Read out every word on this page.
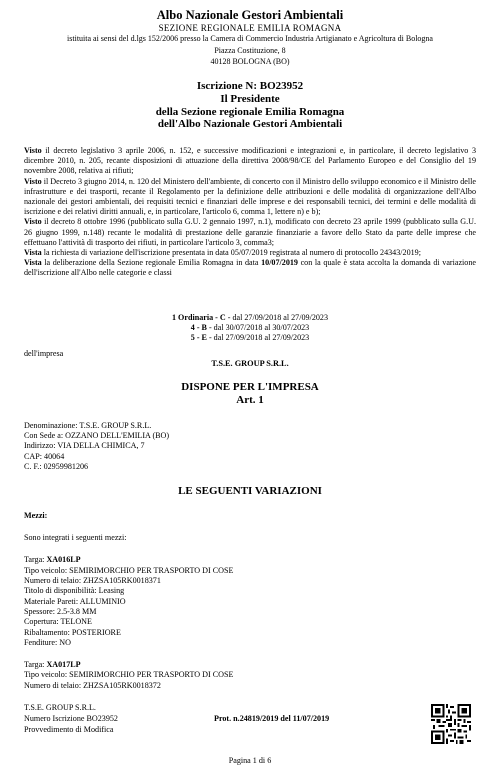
Albo Nazionale Gestori Ambientali
SEZIONE REGIONALE EMILIA ROMAGNA
istituita ai sensi del d.lgs 152/2006 presso la Camera di Commercio Industria Artigianato e Agricoltura di Bologna
Piazza Costituzione, 8
40128 BOLOGNA (BO)
Iscrizione N: BO23952
Il Presidente
della Sezione regionale Emilia Romagna
dell'Albo Nazionale Gestori Ambientali

Visto il decreto legislativo 3 aprile 2006, n. 152, e successive modificazioni e integrazioni e, in particolare, il decreto legislativo 3 dicembre 2010, n. 205, recante disposizioni di attuazione della direttiva 2008/98/CE del Parlamento Europeo e del Consiglio del 19 novembre 2008, relativa ai rifiuti;

Visto il Decreto 3 giugno 2014, n. 120 del Ministero dell'ambiente, di concerto con il Ministro dello sviluppo economico e il Ministro delle infrastrutture e dei trasporti, recante il Regolamento per la definizione delle attribuzioni e delle modalità di organizzazione dell'Albo nazionale dei gestori ambientali, dei requisiti tecnici e finanziari delle imprese e dei responsabili tecnici, dei termini e delle modalità di iscrizione e dei relativi diritti annuali, e, in particolare, l'articolo 6, comma 1, lettere n) e b);

Visto il decreto 8 ottobre 1996 (pubblicato sulla G.U. 2 gennaio 1997, n.1), modificato con decreto 23 aprile 1999 (pubblicato sulla G.U. 26 giugno 1999, n.148) recante le modalità di prestazione delle garanzie finanziarie a favore dello Stato da parte delle imprese che effettuano l'attività di trasporto dei rifiuti, in particolare l'articolo 3, comma3;

Vista la richiesta di variazione dell'iscrizione presentata in data 05/07/2019 registrata al numero di protocollo 24343/2019;

Vista la deliberazione della Sezione regionale Emilia Romagna in data 10/07/2019 con la quale è stata accolta la domanda di variazione dell'iscrizione all'Albo nelle categorie e classi

1 Ordinaria - C - dal 27/09/2018 al 27/09/2023
4 - B - dal 30/07/2018 al 30/07/2023
5 - E - dal 27/09/2018 al 27/09/2023
dell'impresa
T.S.E. GROUP S.R.L.
DISPONE PER L'IMPRESA
Art. 1
Denominazione: T.S.E. GROUP S.R.L.
Con Sede a: OZZANO DELL'EMILIA (BO)
Indirizzo: VIA DELLA CHIMICA, 7
CAP: 40064
C. F.: 02959981206
LE SEGUENTI VARIAZIONI
Mezzi:
Sono integrati i seguenti mezzi:
Targa: XA016LP
Tipo veicolo: SEMIRIMORCHIO PER TRASPORTO DI COSE
Numero di telaio: ZHZSA105RK0018371
Titolo di disponibilità: Leasing
Materiale Pareti: ALLUMINIO
Spessore: 2.5-3.8 MM
Copertura: TELONE
Ribaltamento: POSTERIORE
Fenditure: NO
Targa: XA017LP
Tipo veicolo: SEMIRIMORCHIO PER TRASPORTO DI COSE
Numero di telaio: ZHZSA105RK0018372
T.S.E. GROUP S.R.L.
Numero Iscrizione BO23952
Provvedimento di Modifica
Prot. n.24819/2019 del 11/07/2019
Pagina 1 di 6
